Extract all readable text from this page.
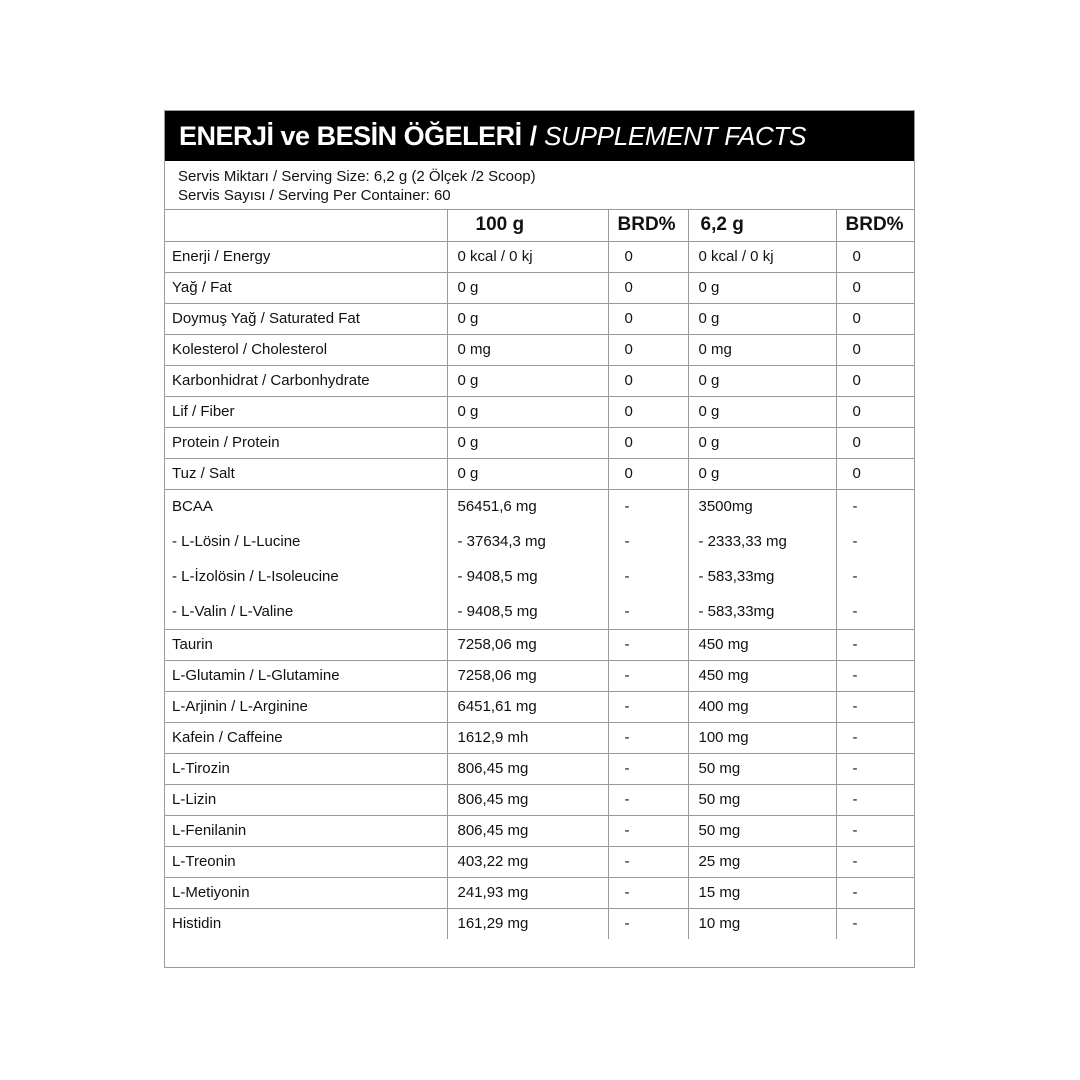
ENERJİ ve BESİN ÖĞELERİ / SUPPLEMENT FACTS
Servis Miktarı / Serving Size: 6,2 g (2 Ölçek /2 Scoop)
Servis Sayısı / Serving Per Container: 60
	100 g	BRD%	6,2 g	BRD%
Enerji / Energy	0 kcal / 0 kj	0	0 kcal / 0 kj	0
Yağ / Fat	0 g	0	0 g	0
Doymuş Yağ / Saturated Fat	0 g	0	0 g	0
Kolesterol / Cholesterol	0 mg	0	0 mg	0
Karbonhidrat / Carbonhydrate	0 g	0	0 g	0
Lif / Fiber	0 g	0	0 g	0
Protein / Protein	0 g	0	0 g	0
Tuz / Salt	0 g	0	0 g	0
BCAA	56451,6 mg	-	3500mg	-
- L-Lösin / L-Lucine	- 37634,3 mg	-	- 2333,33 mg	-
- L-İzolösin / L-Isoleucine	- 9408,5 mg	-	- 583,33mg	-
- L-Valin / L-Valine	- 9408,5 mg	-	- 583,33mg	-
Taurin	7258,06 mg	-	450 mg	-
L-Glutamin / L-Glutamine	7258,06 mg	-	450 mg	-
L-Arjinin / L-Arginine	6451,61 mg	-	400 mg	-
Kafein / Caffeine	1612,9 mh	-	100 mg	-
L-Tirozin	806,45 mg	-	50 mg	-
L-Lizin	806,45 mg	-	50 mg	-
L-Fenilanin	806,45 mg	-	50 mg	-
L-Treonin	403,22 mg	-	25 mg	-
L-Metiyonin	241,93 mg	-	15 mg	-
Histidin	161,29 mg	-	10 mg	-
